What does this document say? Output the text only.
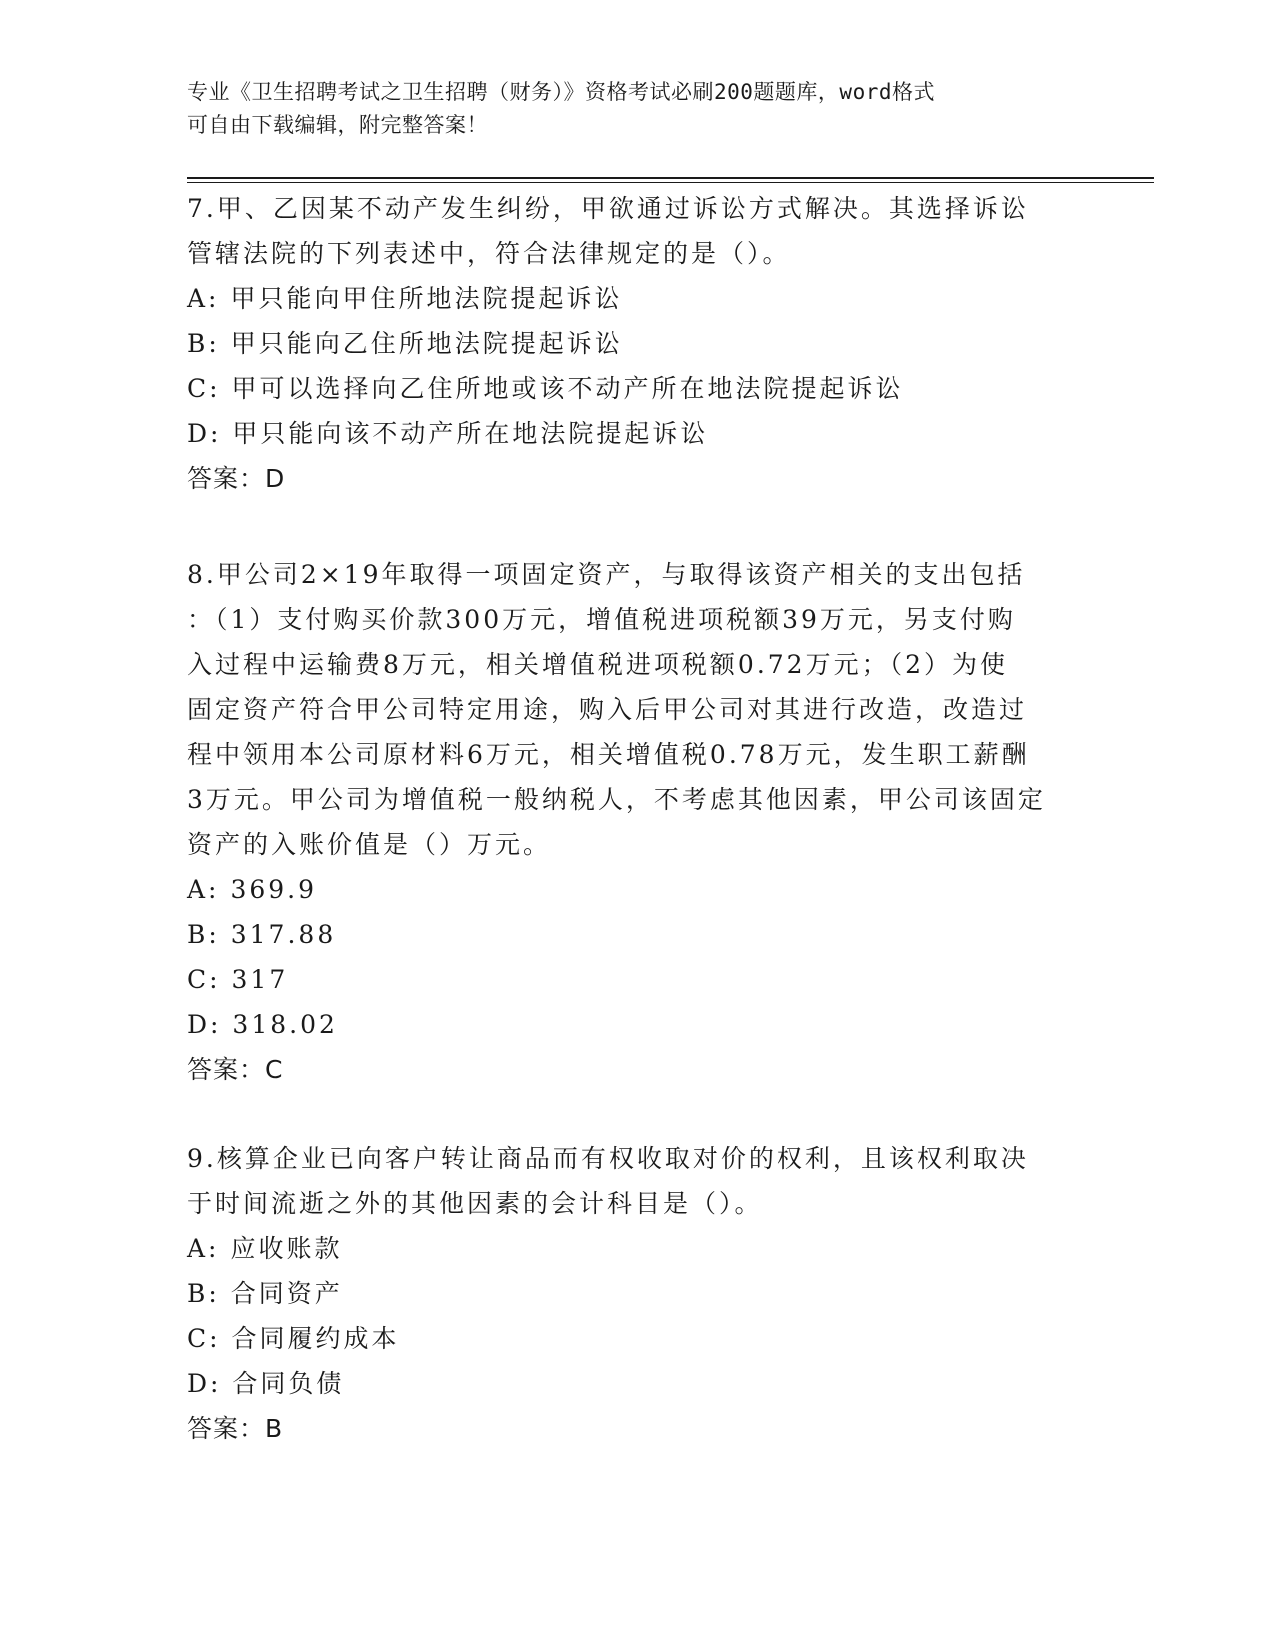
专业《卫生招聘考试之卫生招聘（财务）》资格考试必刷200题题库，word格式
可自由下载编辑，附完整答案！
7.甲、乙因某不动产发生纠纷，甲欲通过诉讼方式解决。其选择诉讼
管辖法院的下列表述中，符合法律规定的是（）。
A: 甲只能向甲住所地法院提起诉讼
B: 甲只能向乙住所地法院提起诉讼
C: 甲可以选择向乙住所地或该不动产所在地法院提起诉讼
D: 甲只能向该不动产所在地法院提起诉讼
答案：D
8.甲公司2×19年取得一项固定资产，与取得该资产相关的支出包括
：（1）支付购买价款300万元，增值税进项税额39万元，另支付购
入过程中运输费8万元，相关增值税进项税额0.72万元；（2）为使
固定资产符合甲公司特定用途，购入后甲公司对其进行改造，改造过
程中领用本公司原材料6万元，相关增值税0.78万元，发生职工薪酬
3万元。甲公司为增值税一般纳税人，不考虑其他因素，甲公司该固定
资产的入账价值是（）万元。
A: 369.9
B: 317.88
C: 317
D: 318.02
答案：C
9.核算企业已向客户转让商品而有权收取对价的权利，且该权利取决
于时间流逝之外的其他因素的会计科目是（）。
A: 应收账款
B: 合同资产
C: 合同履约成本
D: 合同负债
答案：B
